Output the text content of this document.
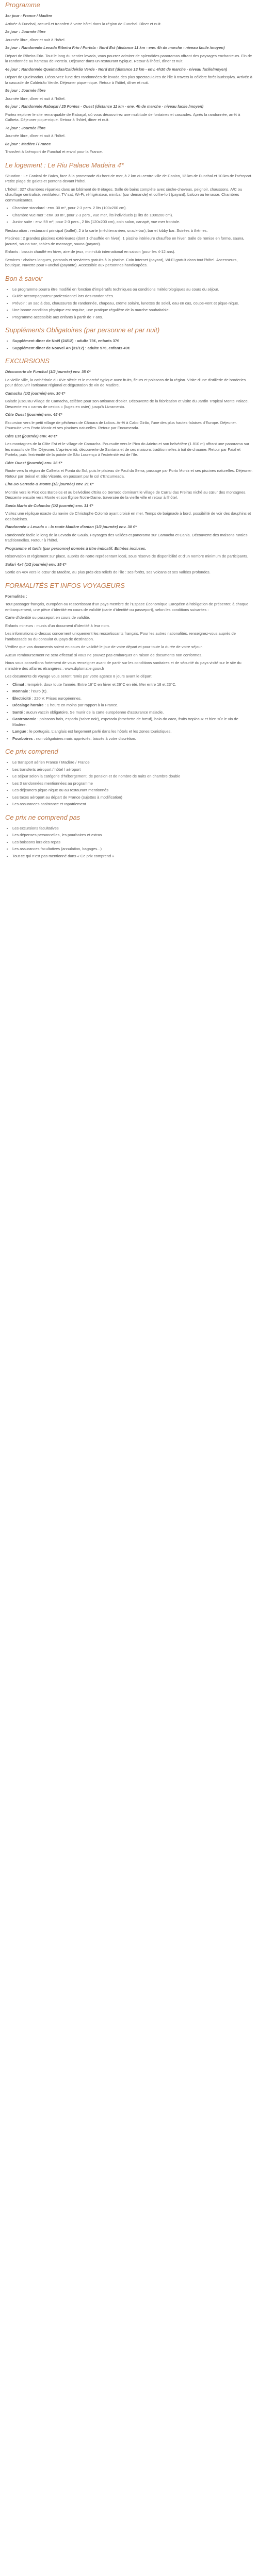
Programme

1er jour : France / Madère

Arrivée à Funchal, accueil et transfert à votre hôtel dans la région de Funchal. Dîner et nuit.

2e jour : Journée libre

Journée libre, dîner et nuit à l'hôtel.

3e jour : Randonnée Levada Ribeira Frio / Portela - Nord Est (distance 11 km - env. 4h de marche - niveau facile /moyen)

Départ de Ribeira Frio. Tout le long du sentier levada, vous pourrez admirer de splendides panoramas offrant des paysages enchanteurs. Fin de la randonnée au hameau de Portela. Déjeuner dans un restaurant typique. Retour à l'hôtel, dîner et nuit.

4e jour : Randonnée Queimadas/Caldeirão Verde - Nord Est (distance 13 km - env. 4h30 de marche - niveau facile/moyen)

Départ de Queimadas. Découvrez l'une des randonnées de levada des plus spectaculaires de l'île à travers la célèbre forêt laurissylva. Arrivée à la cascade de Caldeirão Verde. Déjeuner pique-nique. Retour à l'hôtel, dîner et nuit.

5e jour : Journée libre

Journée libre, dîner et nuit à l'hôtel.

6e jour : Randonnée Rabaçal / 25 Fontes - Ouest (distance 11 km - env. 4h de marche - niveau facile /moyen)

Partez explorer le site remarquable de Rabaçal, où vous découvrirez une multitude de fontaines et cascades. Après la randonnée, arrêt à Calheta. Déjeuner pique-nique. Retour à l'hôtel, dîner et nuit.

7e jour : Journée libre

Journée libre, dîner et nuit à l'hôtel.

8e jour : Madère / France

Transfert à l'aéroport de Funchal et envol pour la France.

Le logement : Le Riu Palace Madeira 4*

Situation : Le Canical de Baixo, face à la promenade du front de mer, à 2 km du centre-ville de Canico, 13 km de Funchal et 10 km de l'aéroport. Petite plage de galets et pontons devant l'hôtel.

L'hôtel : 327 chambres réparties dans un bâtiment de 8 étages. Salle de bains complète avec sèche-cheveux, peignoir, chaussons, A/C ou chauffage centralisé, ventilateur, TV sat, Wi-Fi, réfrigérateur, minibar (sur demande) et coffre-fort (payant), balcon ou terrasse. Chambres communicantes.

• Chambre standard : env. 30 m², pour 2-3 pers. 2 lits (100x200 cm).
• Chambre vue mer : env. 30 m², pour 2-3 pers., vue mer, lits individuels (2 lits de 100x200 cm).
• Junior suite : env. 59 m², pour 2-3 pers., 2 lits (120x200 cm), coin salon, canapé, vue mer frontale.

Restauration : restaurant principal (buffet), 2 à la carte (méditerranéen, snack-bar), bar et lobby bar. Soirées à thèmes.

Piscines : 2 grandes piscines extérieures (dont 1 chauffée en hiver), 1 piscine intérieure chauffée en hiver. Salle de remise en forme, sauna, jacuzzi, sauna turc, tables de massage, sauna (payant).

Enfants : bassin chauffé en hiver, aire de jeux, mini-club international en saison (pour les 4-12 ans).

Services : chaises longues, parasols et serviettes gratuits à la piscine. Coin internet (payant), Wi-Fi gratuit dans tout l'hôtel. Ascenseurs, boutique. Navette pour Funchal (payante). Accessible aux personnes handicapées.

Bon à savoir
• Le programme pourra être modifié en fonction d'impératifs techniques ou conditions météorologiques au cours du séjour.
• Guide accompagnateur professionnel lors des randonnées.
• Prévoir : un sac à dos, chaussures de randonnée, chapeau, crème solaire, lunettes de soleil, eau en cas, coupe-vent et pique-nique.
• Une bonne condition physique est requise, une pratique régulière de la marche souhaitable.
• Programme accessible aux enfants à partir de 7 ans.
Suppléments Obligatoires (par personne et par nuit)
• Supplément dîner de Noël (24/12) : adulte 73€, enfants 37€
• Supplément dîner de Nouvel An (31/12) : adulte 97€, enfants 49€
EXCURSIONS

Découverte de Funchal (1/2 journée) env. 35 €*

La vieille ville, la cathédrale du XVe siècle et le marché typique avec fruits, fleurs et poissons de la région. Visite d'une distillerie de broderies pour découvrir l'artisanat régional et dégustation de vin de Madère.

Camacha (1/2 journée) env. 30 €*

Balade jusqu'au village de Camacha, célèbre pour son artisanat d'osier. Découverte de la fabrication et visite du Jardin Tropical Monte Palace. Descente en « carros de cestos » (luges en osier) jusqu'à Livramento.

Côte Ouest (journée) env. 45 €*

Excursion vers le petit village de pêcheurs de Câmara de Lobos. Arrêt à Cabo Girão, l'une des plus hautes falaises d'Europe. Déjeuner. Poursuite vers Porto Moniz et ses piscines naturelles. Retour par Encumeada.

Côte Est (journée) env. 40 €*

Les montagnes de la Côte Est et le village de Camacha. Poursuite vers le Pico do Arieiro et son belvédère (1 810 m) offrant une panorama sur les massifs de l'île. Déjeuner. L'après-midi, découverte de Santana et de ses maisons traditionnelles à toit de chaume. Retour par Faial et Portela, puis l'extrémité de la pointe de São Lourenço à l'extrémité est de l'île.

Côte Ouest (journée) env. 36 €*

Route vers la région de Calheta et Ponta do Sol, puis le plateau de Paul da Serra, passage par Porto Moniz et ses piscines naturelles. Déjeuner. Retour par Seixal et São Vicente, en passant par le col d'Encumeada.

Eira Do Serrado & Monte (1/2 journée) env. 21 €*

Montée vers le Pico dos Barcelos et au belvédère d'Eira do Serrado dominant le village de Curral das Freiras niché au cœur des montagnes. Descente ensuite vers Monte et son Église Notre-Dame, traversée de la vieille ville et retour à l'hôtel.

Santa Maria de Colombo (1/2 journée) env. 31 €*

Visitez une réplique exacte du navire de Christophe Colomb ayant croisé en mer. Temps de baignade à bord, possibilité de voir des dauphins et des baleines.

Randonnée « Levada » - la route Madère d'antan (1/2 journée) env. 30 €*

Randonnée facile le long de la Levada de Gaula. Paysages des vallées et panorama sur Camacha et Cania. Découverte des maisons rurales traditionnelles. Retour à l'hôtel.

Programme et tarifs (par personne) donnés à titre indicatif. Entrées incluses.

Réservation et règlement sur place, auprès de notre représentant local, sous réserve de disponibilité et d'un nombre minimum de participants.

Safari 4x4 (1/2 journée) env. 35 €*

Sortie en 4x4 vers le cœur de Madère, au plus près des reliefs de l'île : ses forêts, ses volcans et ses vallées profondes.

FORMALITÉS ET INFOS VOYAGEURS

Formalités :

Tout passager français, européen ou ressortissant d'un pays membre de l'Espace Économique Européen à l'obligation de présenter, à chaque embarquement, une pièce d'identité en cours de validité (carte d'identité ou passeport), selon les conditions suivantes :

Carte d'identité ou passeport en cours de validité.

Enfants mineurs : munis d'un document d'identité à leur nom.

Les informations ci-dessus concernent uniquement les ressortissants français. Pour les autres nationalités, renseignez-vous auprès de l'ambassade ou du consulat du pays de destination.

Vérifiez que vos documents soient en cours de validité le jour de votre départ et pour toute la durée de votre séjour.

Aucun remboursement ne sera effectué si vous ne pouvez pas embarquer en raison de documents non conformes.

Nous vous conseillons fortement de vous renseigner avant de partir sur les conditions sanitaires et de sécurité du pays visité sur le site du ministère des affaires étrangères : www.diplomatie.gouv.fr

Les documents de voyage vous seront remis par votre agence 8 jours avant le départ.

• Climat : tempéré, doux toute l'année. Entre 16°C en hiver et 26°C en été. Mer entre 18 et 23°C.
• Monnaie : l'euro (€).
• Électricité : 220 V. Prises européennes.
• Décalage horaire : 1 heure en moins par rapport à la France.
• Santé : aucun vaccin obligatoire. Se munir de la carte européenne d'assurance maladie.
• Gastronomie : poissons frais, espada (sabre noir), espetada (brochette de bœuf), bolo do caco, fruits tropicaux et bien sûr le vin de Madère.
• Langue : le portugais. L'anglais est largement parlé dans les hôtels et les zones touristiques.
• Pourboires : non obligatoires mais appréciés, laissés à votre discrétion.
Ce prix comprend
• Le transport aérien France / Madère / France
• Les transferts aéroport / hôtel / aéroport
• Le séjour selon la catégorie d'hébergement, de pension et de nombre de nuits en chambre double
• Les 3 randonnées mentionnées au programme
• Les déjeuners pique-nique ou au restaurant mentionnés
• Les taxes aéroport au départ de France (sujettes à modification)
• Les assurances assistance et rapatriement
Ce prix ne comprend pas
• Les excursions facultatives
• Les dépenses personnelles, les pourboires et extras
• Les boissons lors des repas
• Les assurances facultatives (annulation, bagages...)
• Tout ce qui n'est pas mentionné dans « Ce prix comprend »
